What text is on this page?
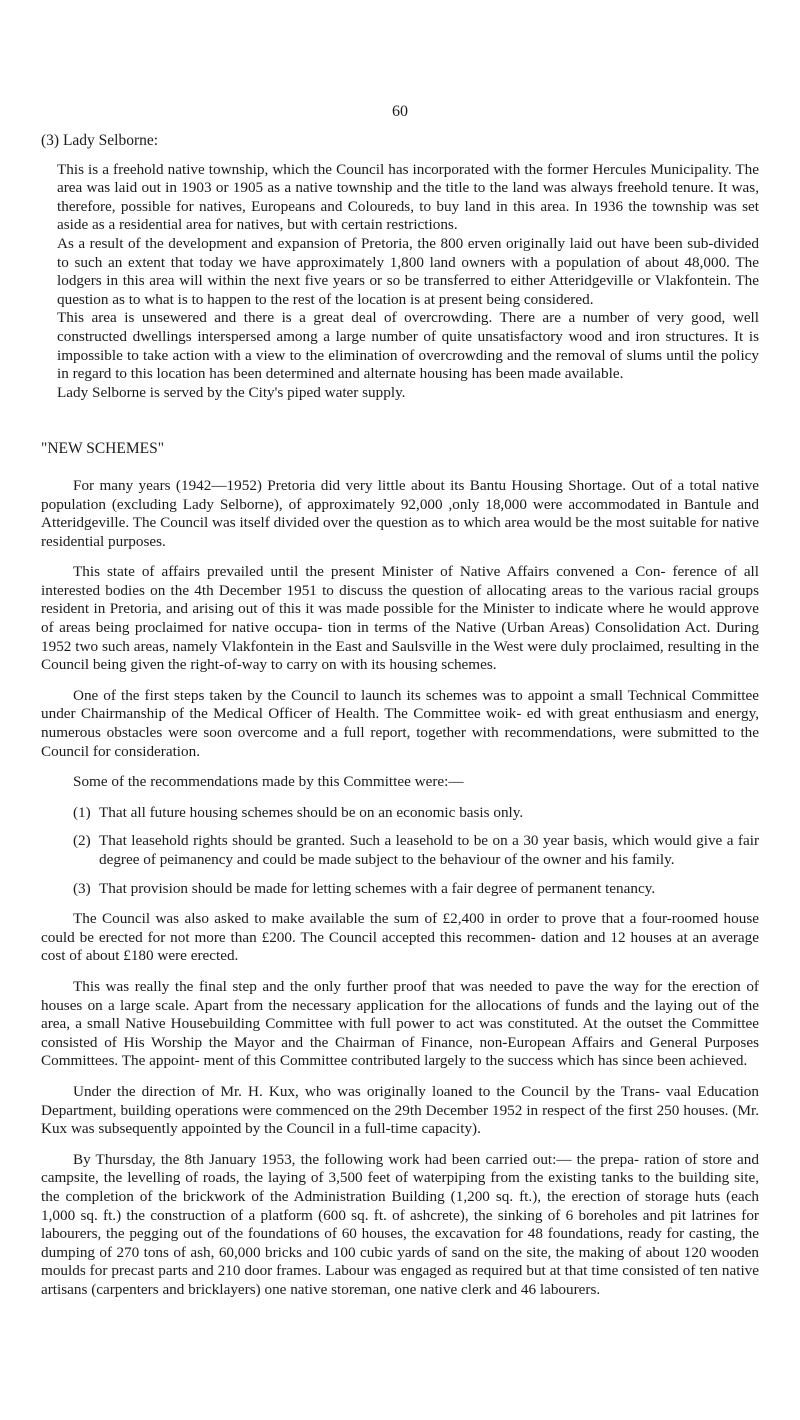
60
(3) Lady Selborne:

This is a freehold native township, which the Council has incorporated with the former Hercules Municipality. The area was laid out in 1903 or 1905 as a native township and the title to the land was always freehold tenure. It was, therefore, possible for natives, Europeans and Coloureds, to buy land in this area. In 1936 the township was set aside as a residential area for natives, but with certain restrictions.

As a result of the development and expansion of Pretoria, the 800 erven originally laid out have been sub-divided to such an extent that today we have approximately 1,800 land owners with a population of about 48,000. The lodgers in this area will within the next five years or so be transferred to either Atteridgeville or Vlakfontein. The question as to what is to happen to the rest of the location is at present being considered.

This area is unsewered and there is a great deal of overcrowding. There are a number of very good, well constructed dwellings interspersed among a large number of quite unsatisfactory wood and iron structures. It is impossible to take action with a view to the elimination of overcrowding and the removal of slums until the policy in regard to this location has been determined and alternate housing has been made available.

Lady Selborne is served by the City's piped water supply.

"NEW SCHEMES"

For many years (1942—1952) Pretoria did very little about its Bantu Housing Shortage. Out of a total native population (excluding Lady Selborne), of approximately 92,000 ,only 18,000 were accommodated in Bantule and Atteridgeville. The Council was itself divided over the question as to which area would be the most suitable for native residential purposes.

This state of affairs prevailed until the present Minister of Native Affairs convened a Con- ference of all interested bodies on the 4th December 1951 to discuss the question of allocating areas to the various racial groups resident in Pretoria, and arising out of this it was made possible for the Minister to indicate where he would approve of areas being proclaimed for native occupa- tion in terms of the Native (Urban Areas) Consolidation Act. During 1952 two such areas, namely Vlakfontein in the East and Saulsville in the West were duly proclaimed, resulting in the Council being given the right-of-way to carry on with its housing schemes.

One of the first steps taken by the Council to launch its schemes was to appoint a small Technical Committee under Chairmanship of the Medical Officer of Health. The Committee woik- ed with great enthusiasm and energy, numerous obstacles were soon overcome and a full report, together with recommendations, were submitted to the Council for consideration.

Some of the recommendations made by this Committee were:—

(1) That all future housing schemes should be on an economic basis only.
(2) That leasehold rights should be granted. Such a leasehold to be on a 30 year basis, which would give a fair degree of peimanency and could be made subject to the behaviour of the owner and his family.
(3) That provision should be made for letting schemes with a fair degree of permanent tenancy.

The Council was also asked to make available the sum of £2,400 in order to prove that a four-roomed house could be erected for not more than £200. The Council accepted this recommen- dation and 12 houses at an average cost of about £180 were erected.

This was really the final step and the only further proof that was needed to pave the way for the erection of houses on a large scale. Apart from the necessary application for the allocations of funds and the laying out of the area, a small Native Housebuilding Committee with full power to act was constituted. At the outset the Committee consisted of His Worship the Mayor and the Chairman of Finance, non-European Affairs and General Purposes Committees. The appoint- ment of this Committee contributed largely to the success which has since been achieved.

Under the direction of Mr. H. Kux, who was originally loaned to the Council by the Trans- vaal Education Department, building operations were commenced on the 29th December 1952 in respect of the first 250 houses. (Mr. Kux was subsequently appointed by the Council in a full-time capacity).

By Thursday, the 8th January 1953, the following work had been carried out:— the prepa- ration of store and campsite, the levelling of roads, the laying of 3,500 feet of waterpiping from the existing tanks to the building site, the completion of the brickwork of the Administration Building (1,200 sq. ft.), the erection of storage huts (each 1,000 sq. ft.) the construction of a platform (600 sq. ft. of ashcrete), the sinking of 6 boreholes and pit latrines for labourers, the pegging out of the foundations of 60 houses, the excavation for 48 foundations, ready for casting, the dumping of 270 tons of ash, 60,000 bricks and 100 cubic yards of sand on the site, the making of about 120 wooden moulds for precast parts and 210 door frames. Labour was engaged as required but at that time consisted of ten native artisans (carpenters and bricklayers) one native storeman, one native clerk and 46 labourers.
